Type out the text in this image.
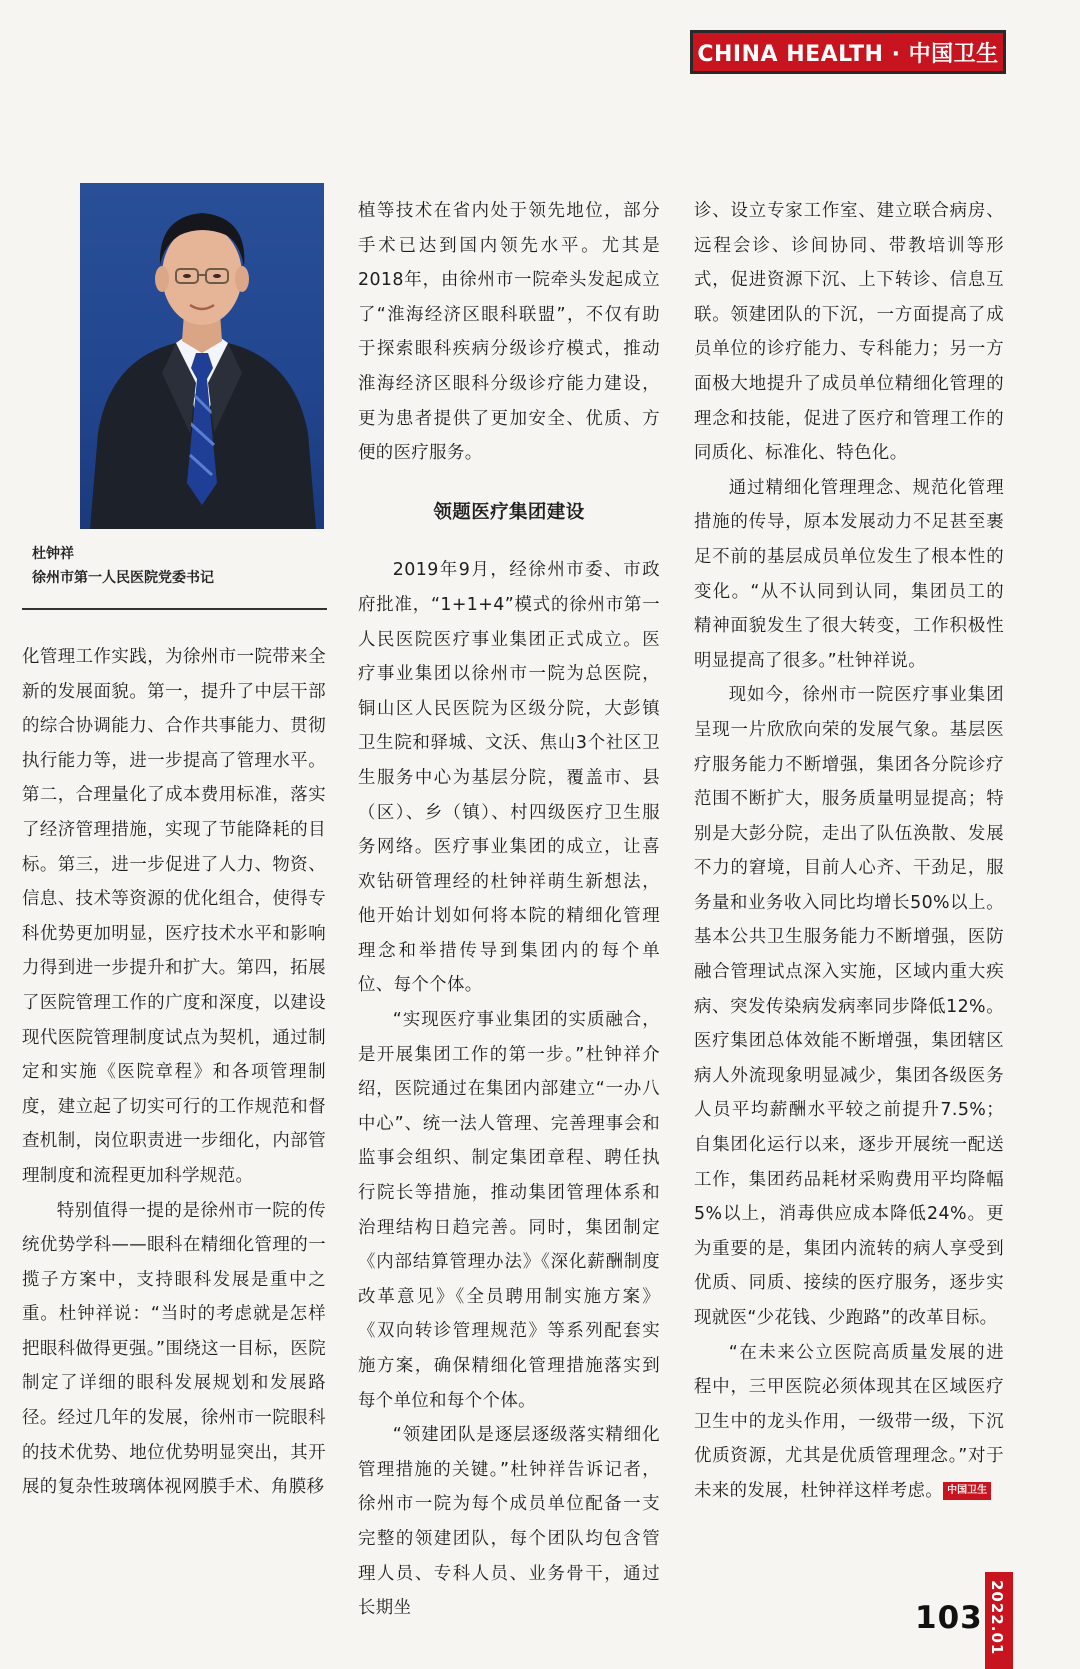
CHINA HEALTH · 中国卫生
杜钟祥
徐州市第一人民医院党委书记

化管理工作实践，为徐州市一院带来全新的发展面貌。第一，提升了中层干部的综合协调能力、合作共事能力、贯彻执行能力等，进一步提高了管理水平。第二，合理量化了成本费用标准，落实了经济管理措施，实现了节能降耗的目标。第三，进一步促进了人力、物资、信息、技术等资源的优化组合，使得专科优势更加明显，医疗技术水平和影响力得到进一步提升和扩大。第四，拓展了医院管理工作的广度和深度，以建设现代医院管理制度试点为契机，通过制定和实施《医院章程》和各项管理制度，建立起了切实可行的工作规范和督查机制，岗位职责进一步细化，内部管理制度和流程更加科学规范。

特别值得一提的是徐州市一院的传统优势学科——眼科在精细化管理的一揽子方案中，支持眼科发展是重中之重。杜钟祥说：“当时的考虑就是怎样把眼科做得更强。”围绕这一目标，医院制定了详细的眼科发展规划和发展路径。经过几年的发展，徐州市一院眼科的技术优势、地位优势明显突出，其开展的复杂性玻璃体视网膜手术、角膜移

植等技术在省内处于领先地位，部分手术已达到国内领先水平。尤其是2018年，由徐州市一院牵头发起成立了“淮海经济区眼科联盟”，不仅有助于探索眼科疾病分级诊疗模式，推动淮海经济区眼科分级诊疗能力建设，更为患者提供了更加安全、优质、方便的医疗服务。

领题医疗集团建设

2019年9月，经徐州市委、市政府批准，“1+1+4”模式的徐州市第一人民医院医疗事业集团正式成立。医疗事业集团以徐州市一院为总医院，铜山区人民医院为区级分院，大彭镇卫生院和驿城、文沃、焦山3个社区卫生服务中心为基层分院，覆盖市、县（区）、乡（镇）、村四级医疗卫生服务网络。医疗事业集团的成立，让喜欢钻研管理经的杜钟祥萌生新想法，他开始计划如何将本院的精细化管理理念和举措传导到集团内的每个单位、每个个体。

“实现医疗事业集团的实质融合，是开展集团工作的第一步。”杜钟祥介绍，医院通过在集团内部建立“一办八中心”、统一法人管理、完善理事会和监事会组织、制定集团章程、聘任执行院长等措施，推动集团管理体系和治理结构日趋完善。同时，集团制定《内部结算管理办法》《深化薪酬制度改革意见》《全员聘用制实施方案》《双向转诊管理规范》等系列配套实施方案，确保精细化管理措施落实到每个单位和每个个体。

“领建团队是逐层逐级落实精细化管理措施的关键。”杜钟祥告诉记者，徐州市一院为每个成员单位配备一支完整的领建团队，每个团队均包含管理人员、专科人员、业务骨干，通过长期坐

诊、设立专家工作室、建立联合病房、远程会诊、诊间协同、带教培训等形式，促进资源下沉、上下转诊、信息互联。领建团队的下沉，一方面提高了成员单位的诊疗能力、专科能力；另一方面极大地提升了成员单位精细化管理的理念和技能，促进了医疗和管理工作的同质化、标准化、特色化。

通过精细化管理理念、规范化管理措施的传导，原本发展动力不足甚至裹足不前的基层成员单位发生了根本性的变化。“从不认同到认同，集团员工的精神面貌发生了很大转变，工作积极性明显提高了很多。”杜钟祥说。

现如今，徐州市一院医疗事业集团呈现一片欣欣向荣的发展气象。基层医疗服务能力不断增强，集团各分院诊疗范围不断扩大，服务质量明显提高；特别是大彭分院，走出了队伍涣散、发展不力的窘境，目前人心齐、干劲足，服务量和业务收入同比均增长50%以上。基本公共卫生服务能力不断增强，医防融合管理试点深入实施，区域内重大疾病、突发传染病发病率同步降低12%。医疗集团总体效能不断增强，集团辖区病人外流现象明显减少，集团各级医务人员平均薪酬水平较之前提升7.5%；自集团化运行以来，逐步开展统一配送工作，集团药品耗材采购费用平均降幅5%以上，消毒供应成本降低24%。更为重要的是，集团内流转的病人享受到优质、同质、接续的医疗服务，逐步实现就医“少花钱、少跑路”的改革目标。

“在未来公立医院高质量发展的进程中，三甲医院必须体现其在区域医疗卫生中的龙头作用，一级带一级，下沉优质资源，尤其是优质管理理念。”对于未来的发展，杜钟祥这样考虑。 中国卫生

103 2022.01
